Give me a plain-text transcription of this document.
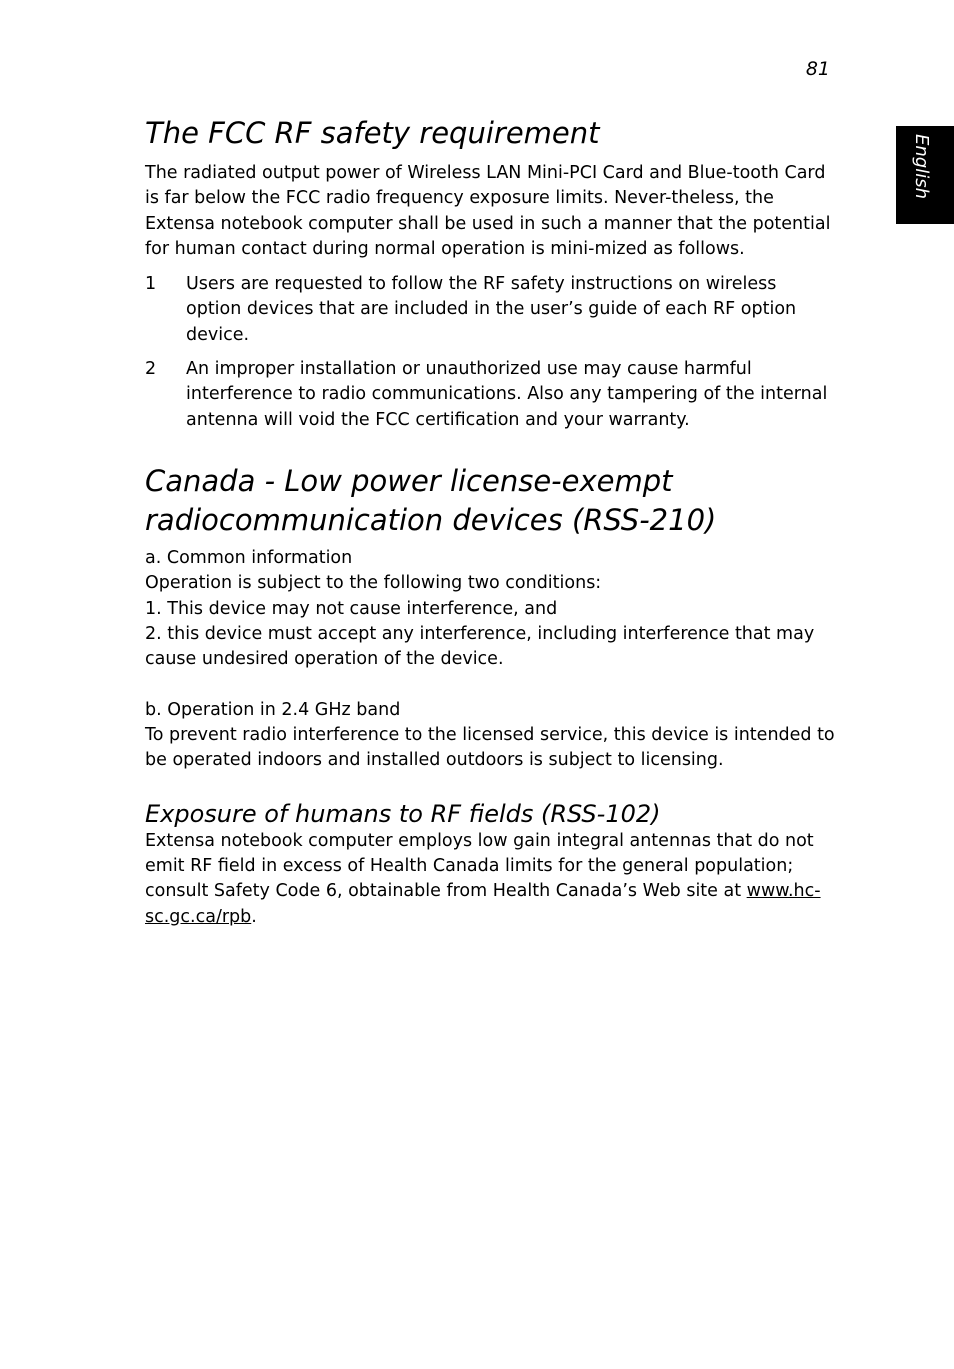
81
English
The FCC RF safety requirement

The radiated output power of Wireless LAN Mini-PCI Card and Blue-tooth Card is far below the FCC radio frequency exposure limits. Never-theless, the Extensa notebook computer shall be used in such a manner that the potential for human contact during normal operation is mini-mized as follows.

1	Users are requested to follow the RF safety instructions on wireless option devices that are included in the user’s guide of each RF option device.
2	An improper installation or unauthorized use may cause harmful interference to radio communications. Also any tampering of the internal antenna will void the FCC certification and your warranty.
Canada - Low power license-exempt
radiocommunication devices (RSS-210)

a. Common information

Operation is subject to the following two conditions:

1. This device may not cause interference, and

2. this device must accept any interference, including interference that may cause undesired operation of the device.

b. Operation in 2.4 GHz band

To prevent radio interference to the licensed service, this device is intended to be operated indoors and installed outdoors is subject to licensing.

Exposure of humans to RF fields (RSS-102)

Extensa notebook computer employs low gain integral antennas that do not emit RF field in excess of Health Canada limits for the general population; consult Safety Code 6, obtainable from Health Canada’s Web site at www.hc-sc.gc.ca/rpb.
